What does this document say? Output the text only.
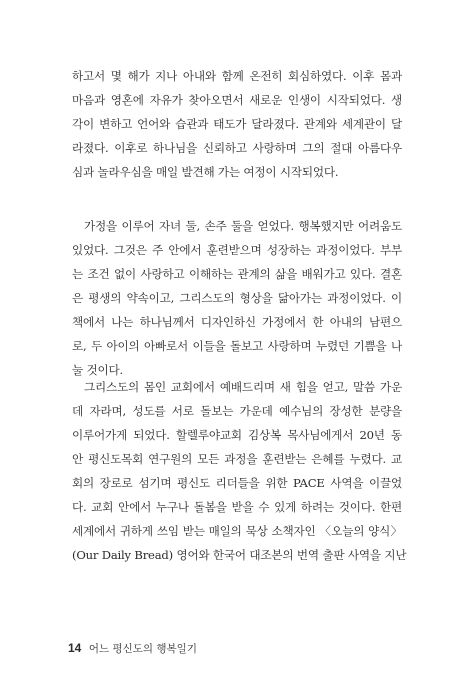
하고서 몇 해가 지나 아내와 함께 온전히 회심하였다. 이후 몸과
마음과 영혼에 자유가 찾아오면서 새로운 인생이 시작되었다. 생
각이 변하고 언어와 습관과 태도가 달라졌다. 관계와 세계관이 달
라졌다. 이후로 하나님을 신뢰하고 사랑하며 그의 절대 아름다우
심과 놀라우심을 매일 발견해 가는 여정이 시작되었다.
가정을 이루어 자녀 둘, 손주 둘을 얻었다. 행복했지만 어려움도
있었다. 그것은 주 안에서 훈련받으며 성장하는 과정이었다. 부부
는 조건 없이 사랑하고 이해하는 관계의 삶을 배워가고 있다. 결혼
은 평생의 약속이고, 그리스도의 형상을 닮아가는 과정이었다. 이
책에서 나는 하나님께서 디자인하신 가정에서 한 아내의 남편으
로, 두 아이의 아빠로서 이들을 돌보고 사랑하며 누렸던 기쁨을 나
눌 것이다.
그리스도의 몸인 교회에서 예배드리며 새 힘을 얻고, 말씀 가운
데 자라며, 성도를 서로 돌보는 가운데 예수님의 장성한 분량을
이루어가게 되었다. 할렐루야교회 김상복 목사님에게서 20년 동
안 평신도목회 연구원의 모든 과정을 훈련받는 은혜를 누렸다. 교
회의 장로로 섬기며 평신도 리더들을 위한 PACE 사역을 이끌었
다. 교회 안에서 누구나 돌봄을 받을 수 있게 하려는 것이다. 한편
세계에서 귀하게 쓰임 받는 매일의 묵상 소책자인 〈오늘의 양식〉
(Our Daily Bread) 영어와 한국어 대조본의 번역 출판 사역을 지난
14 어느 평신도의 행복일기
